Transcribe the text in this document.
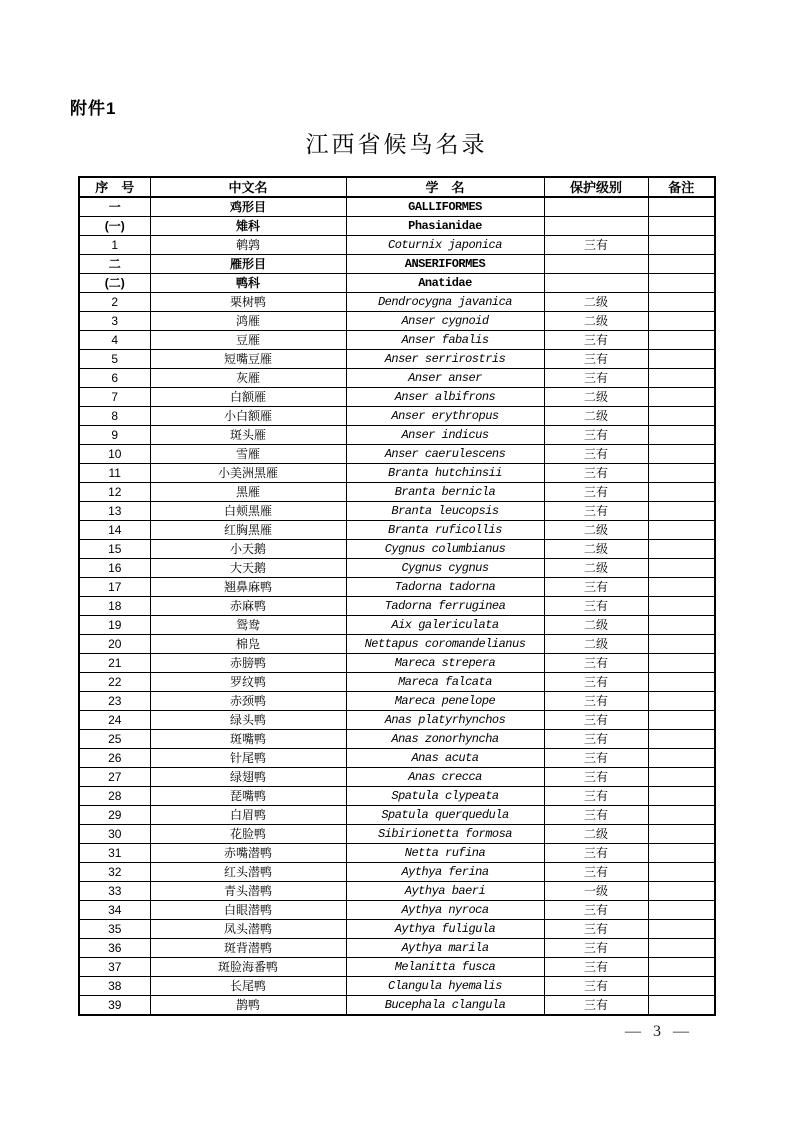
附件1
江西省候鸟名录
序　号	中文名	学　名	保护级别	备注
一	鸡形目	GALLIFORMES		
(一)	雉科	Phasianidae		
1	鹌鹑	Coturnix japonica	三有	
二	雁形目	ANSERIFORMES		
(二)	鸭科	Anatidae		
2	栗树鸭	Dendrocygna javanica	二级	
3	鸿雁	Anser cygnoid	二级	
4	豆雁	Anser fabalis	三有	
5	短嘴豆雁	Anser serrirostris	三有	
6	灰雁	Anser anser	三有	
7	白额雁	Anser albifrons	二级	
8	小白额雁	Anser erythropus	二级	
9	斑头雁	Anser indicus	三有	
10	雪雁	Anser caerulescens	三有	
11	小美洲黑雁	Branta hutchinsii	三有	
12	黑雁	Branta bernicla	三有	
13	白颊黑雁	Branta leucopsis	三有	
14	红胸黑雁	Branta ruficollis	二级	
15	小天鹅	Cygnus columbianus	二级	
16	大天鹅	Cygnus cygnus	二级	
17	翘鼻麻鸭	Tadorna tadorna	三有	
18	赤麻鸭	Tadorna ferruginea	三有	
19	鸳鸯	Aix galericulata	二级	
20	棉凫	Nettapus coromandelianus	二级	
21	赤膀鸭	Mareca strepera	三有	
22	罗纹鸭	Mareca falcata	三有	
23	赤颈鸭	Mareca penelope	三有	
24	绿头鸭	Anas platyrhynchos	三有	
25	斑嘴鸭	Anas zonorhyncha	三有	
26	针尾鸭	Anas acuta	三有	
27	绿翅鸭	Anas crecca	三有	
28	琵嘴鸭	Spatula clypeata	三有	
29	白眉鸭	Spatula querquedula	三有	
30	花脸鸭	Sibirionetta formosa	二级	
31	赤嘴潜鸭	Netta rufina	三有	
32	红头潜鸭	Aythya ferina	三有	
33	青头潜鸭	Aythya baeri	一级	
34	白眼潜鸭	Aythya nyroca	三有	
35	凤头潜鸭	Aythya fuligula	三有	
36	斑背潜鸭	Aythya marila	三有	
37	斑脸海番鸭	Melanitta fusca	三有	
38	长尾鸭	Clangula hyemalis	三有	
39	鹊鸭	Bucephala clangula	三有	
— 3 —
